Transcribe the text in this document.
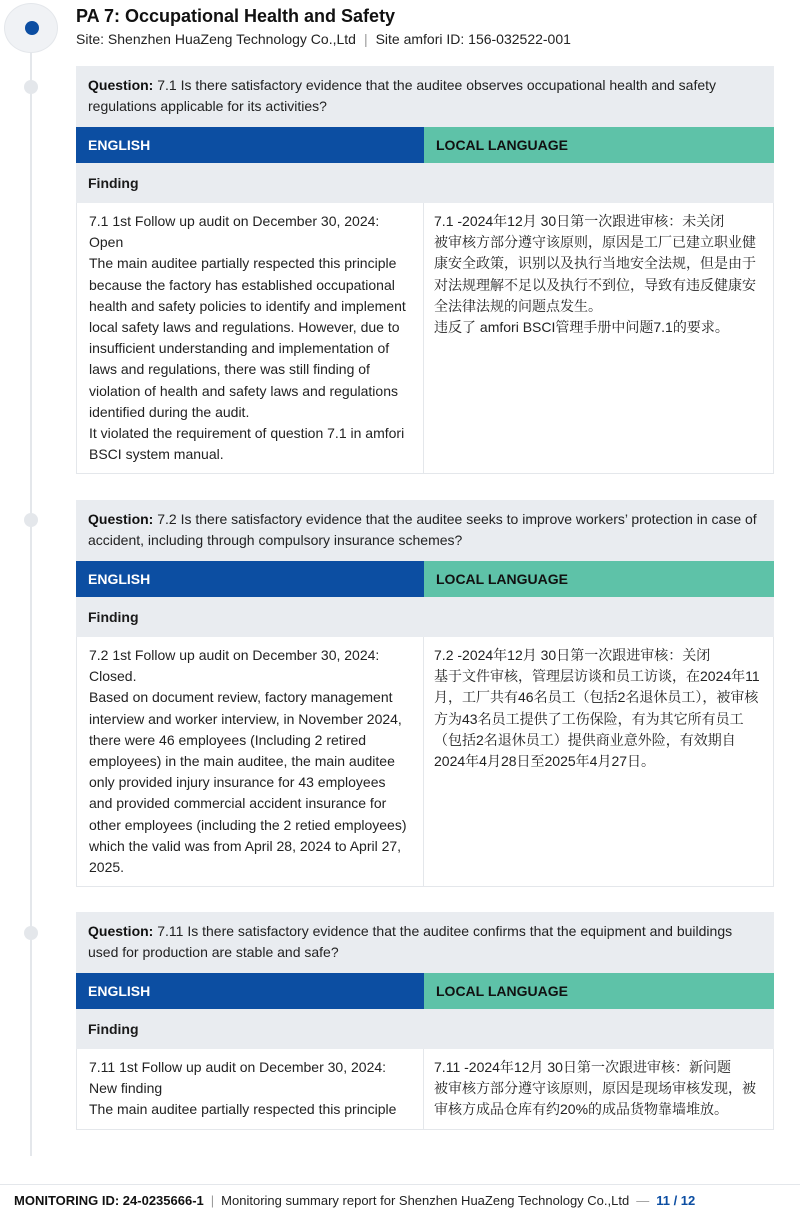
PA 7: Occupational Health and Safety
Site: Shenzhen HuaZeng Technology Co.,Ltd | Site amfori ID: 156-032522-001
Question: 7.1 Is there satisfactory evidence that the auditee observes occupational health and safety regulations applicable for its activities?
ENGLISH	LOCAL LANGUAGE
Finding
7.1 1st Follow up audit on December 30, 2024: Open
The main auditee partially respected this principle because the factory has established occupational health and safety policies to identify and implement local safety laws and regulations. However, due to insufficient understanding and implementation of laws and regulations, there was still finding of violation of health and safety laws and regulations identified during the audit.
It violated the requirement of question 7.1 in amfori BSCI system manual.
7.1 -2024年12月 30日第一次跟进审核：未关闭
被审核方部分遵守该原则，原因是工厂已建立职业健康安全政策，识别以及执行当地安全法规，但是由于对法规理解不足以及执行不到位，导致有违反健康安全法律法规的问题点发生。
违反了 amfori BSCI管理手册中问题7.1的要求。
Question: 7.2 Is there satisfactory evidence that the auditee seeks to improve workers’ protection in case of accident, including through compulsory insurance schemes?
ENGLISH	LOCAL LANGUAGE
Finding
7.2 1st Follow up audit on December 30, 2024: Closed.
Based on document review, factory management interview and worker interview, in November 2024, there were 46 employees (Including 2 retired employees) in the main auditee, the main auditee only provided injury insurance for 43 employees and provided commercial accident insurance for other employees (including the 2 retied employees) which the valid was from April 28, 2024 to April 27, 2025.
7.2 -2024年12月 30日第一次跟进审核：关闭
基于文件审核，管理层访谈和员工访谈，在2024年11月，工厂共有46名员工（包括2名退休员工），被审核方为43名员工提供了工伤保险，有为其它所有员工（包括2名退休员工）提供商业意外险，有效期自2024年4月28日至2025年4月27日。
Question: 7.11 Is there satisfactory evidence that the auditee confirms that the equipment and buildings used for production are stable and safe?
ENGLISH	LOCAL LANGUAGE
Finding
7.11 1st Follow up audit on December 30, 2024: New finding
The main auditee partially respected this principle
7.11 -2024年12月 30日第一次跟进审核：新问题
被审核方部分遵守该原则，原因是现场审核发现，被审核方成品仓库有约20%的成品货物靠墙堆放。
MONITORING ID: 24-0235666-1 | Monitoring summary report for Shenzhen HuaZeng Technology Co.,Ltd — 11 / 12
